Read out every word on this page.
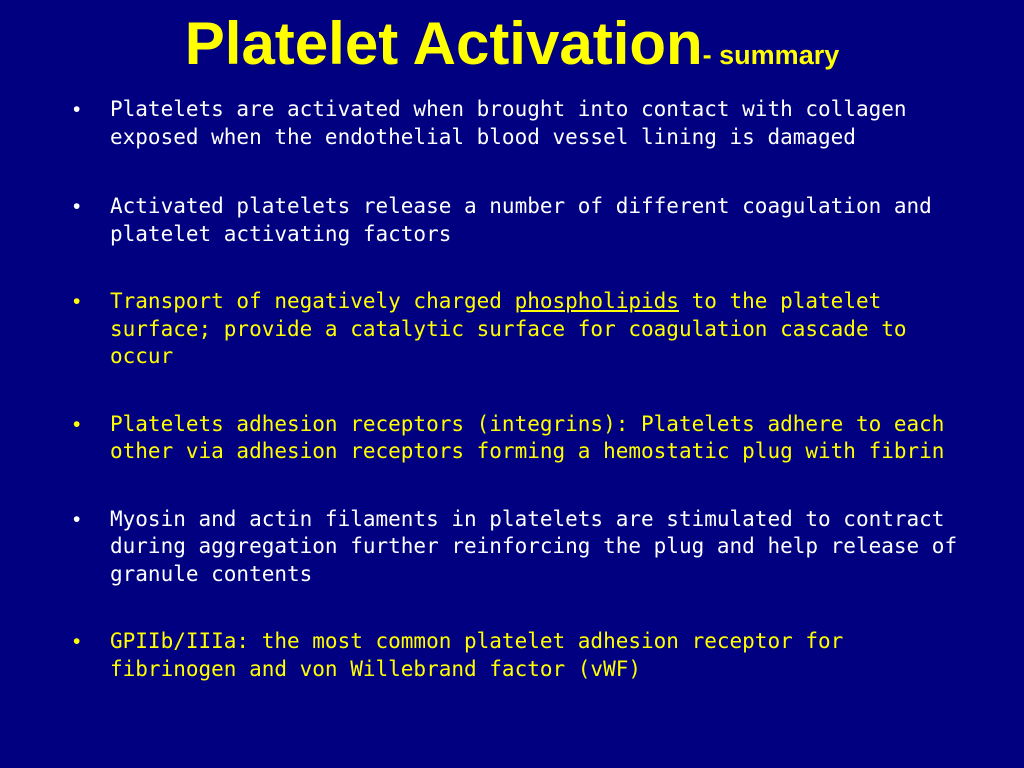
Platelet Activation- summary
• Platelets are activated when brought into contact with collagen exposed when the endothelial blood vessel lining is damaged
• Activated platelets release a number of different coagulation and platelet activating factors
• Transport of negatively charged phospholipids to the platelet surface; provide a catalytic surface for coagulation cascade to occur
• Platelets adhesion receptors (integrins): Platelets adhere to each other via adhesion receptors forming a hemostatic plug with fibrin
• Myosin and actin filaments in platelets are stimulated to contract during aggregation further reinforcing the plug and help release of granule contents
• GPIIb/IIIa: the most common platelet adhesion receptor for fibrinogen and von Willebrand factor (vWF)
